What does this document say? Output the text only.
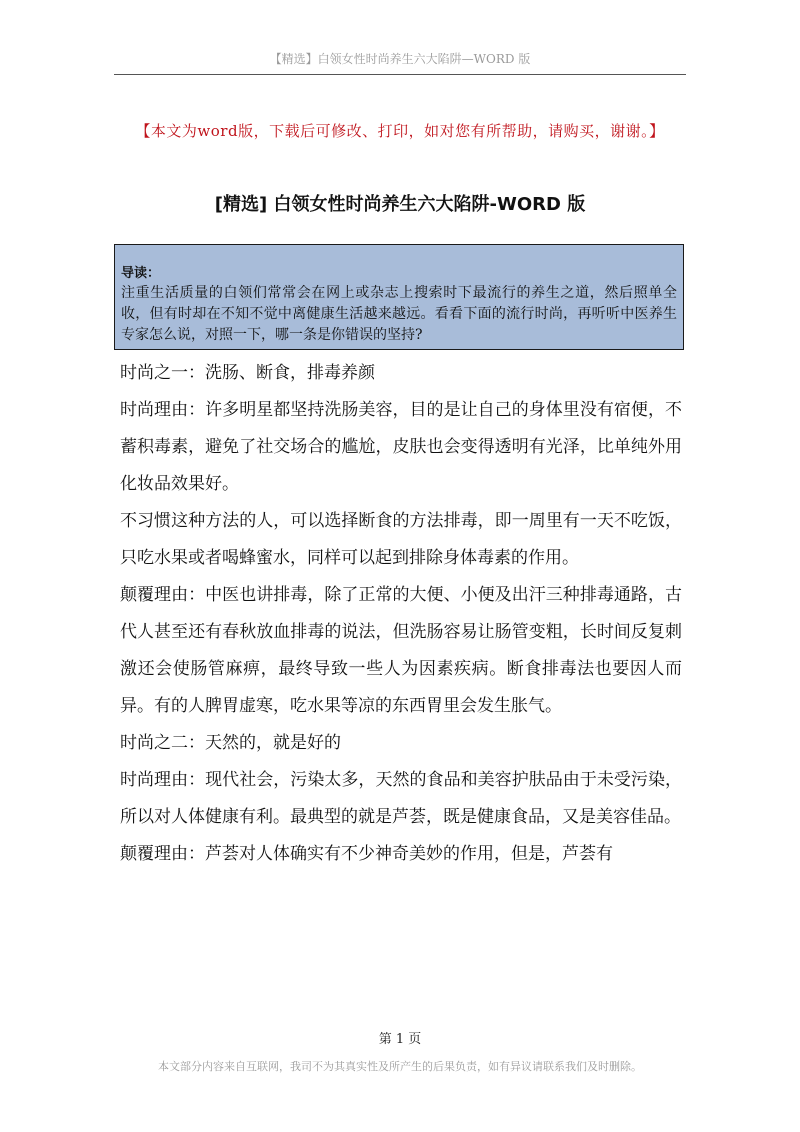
【精选】白领女性时尚养生六大陷阱—WORD 版
【本文为word版，下载后可修改、打印，如对您有所帮助，请购买，谢谢。】
[精选] 白领女性时尚养生六大陷阱-WORD 版
导读：
注重生活质量的白领们常常会在网上或杂志上搜索时下最流行的养生之道，然后照单全收，但有时却在不知不觉中离健康生活越来越远。看看下面的流行时尚，再听听中医养生专家怎么说，对照一下，哪一条是你错误的坚持?

时尚之一：洗肠、断食，排毒养颜

时尚理由：许多明星都坚持洗肠美容，目的是让自己的身体里没有宿便，不蓄积毒素，避免了社交场合的尴尬，皮肤也会变得透明有光泽，比单纯外用化妆品效果好。

不习惯这种方法的人，可以选择断食的方法排毒，即一周里有一天不吃饭，只吃水果或者喝蜂蜜水，同样可以起到排除身体毒素的作用。

颠覆理由：中医也讲排毒，除了正常的大便、小便及出汗三种排毒通路，古代人甚至还有春秋放血排毒的说法，但洗肠容易让肠管变粗，长时间反复刺激还会使肠管麻痹，最终导致一些人为因素疾病。断食排毒法也要因人而异。有的人脾胃虚寒，吃水果等凉的东西胃里会发生胀气。

时尚之二：天然的，就是好的

时尚理由：现代社会，污染太多，天然的食品和美容护肤品由于未受污染，所以对人体健康有利。最典型的就是芦荟，既是健康食品，又是美容佳品。

颠覆理由：芦荟对人体确实有不少神奇美妙的作用，但是，芦荟有

第 1 页
本文部分内容来自互联网，我司不为其真实性及所产生的后果负责，如有异议请联系我们及时删除。
